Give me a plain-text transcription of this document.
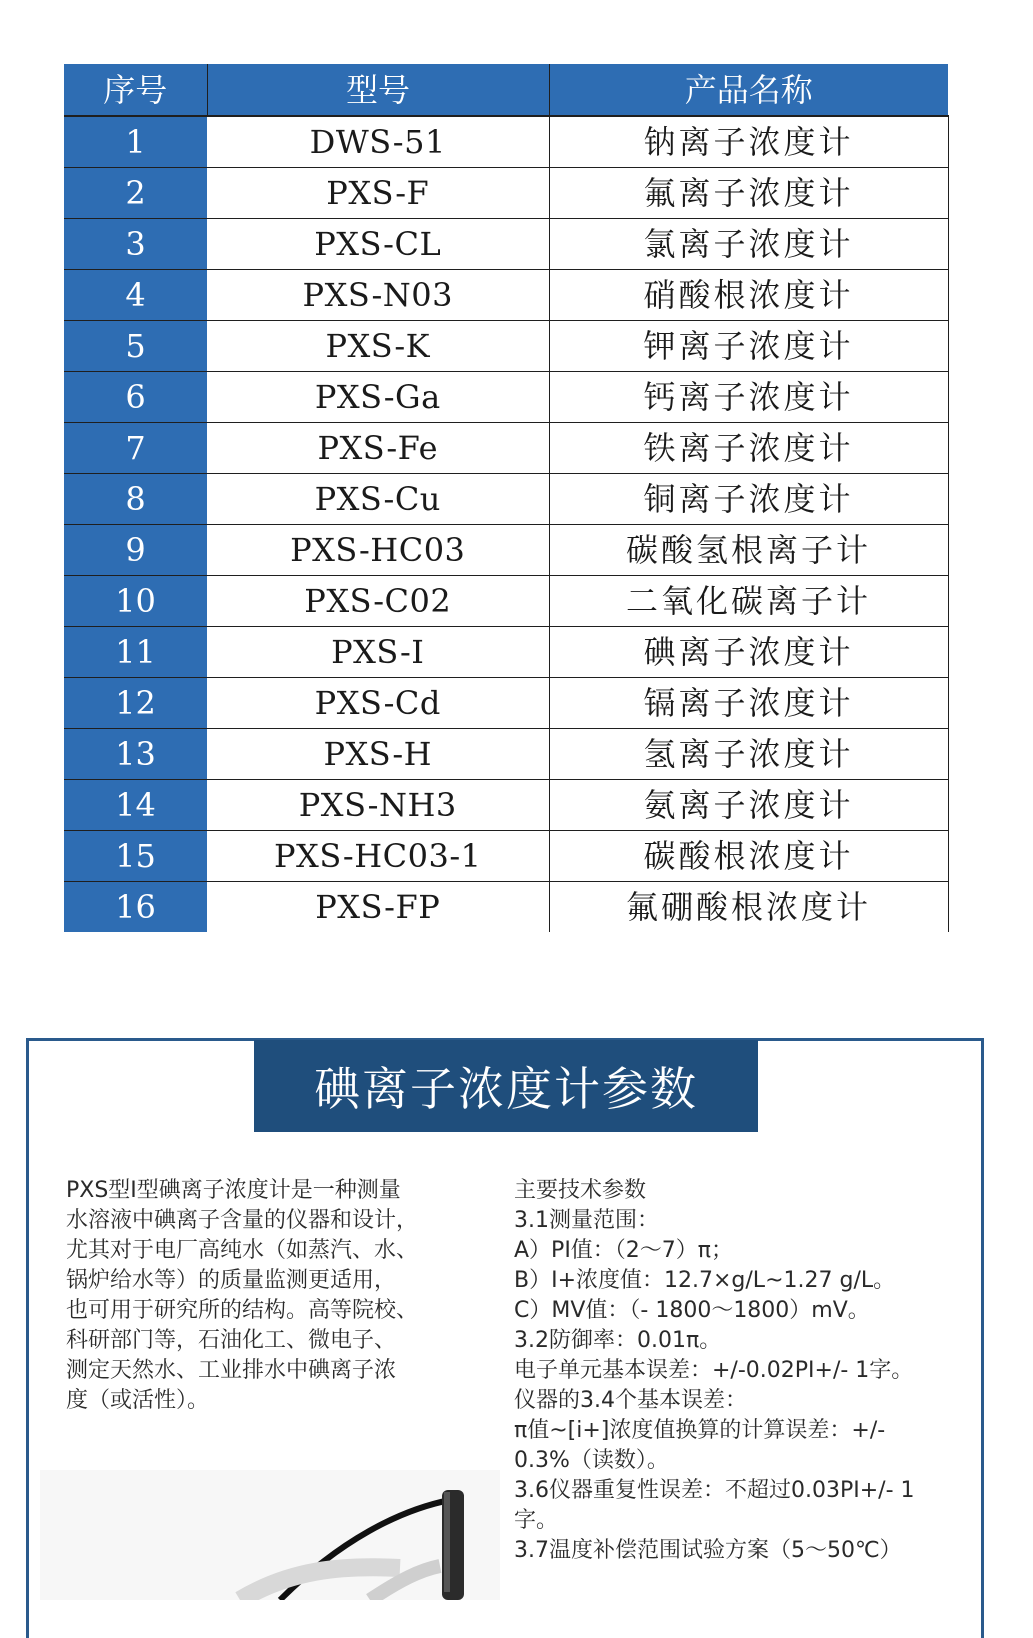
序号	型号	产品名称
1	DWS-51	钠离子浓度计
2	PXS-F	氟离子浓度计
3	PXS-CL	氯离子浓度计
4	PXS-N03	硝酸根浓度计
5	PXS-K	钾离子浓度计
6	PXS-Ga	钙离子浓度计
7	PXS-Fe	铁离子浓度计
8	PXS-Cu	铜离子浓度计
9	PXS-HC03	碳酸氢根离子计
10	PXS-C02	二氧化碳离子计
11	PXS-I	碘离子浓度计
12	PXS-Cd	镉离子浓度计
13	PXS-H	氢离子浓度计
14	PXS-NH3	氨离子浓度计
15	PXS-HC03-1	碳酸根浓度计
16	PXS-FP	氟硼酸根浓度计
碘离子浓度计参数
PXS型I型碘离子浓度计是一种测量
水溶液中碘离子含量的仪器和设计，
尤其对于电厂高纯水（如蒸汽、水、
锅炉给水等）的质量监测更适用，
也可用于研究所的结构。高等院校、
科研部门等，石油化工、微电子、
测定天然水、工业排水中碘离子浓
度（或活性）。
主要技术参数
3.1测量范围：
A）PI值：（2～7）π；
B）I+浓度值：12.7×g/L~1.27 g/L。
C）MV值：（- 1800～1800）mV。
3.2防御率：0.01π。
电子单元基本误差：+/-0.02PI+/- 1字。
仪器的3.4个基本误差：
π值~[i+]浓度值换算的计算误差：+/-
0.3%（读数）。
3.6仪器重复性误差：不超过0.03PI+/- 1
字。
3.7温度补偿范围试验方案（5～50℃）
